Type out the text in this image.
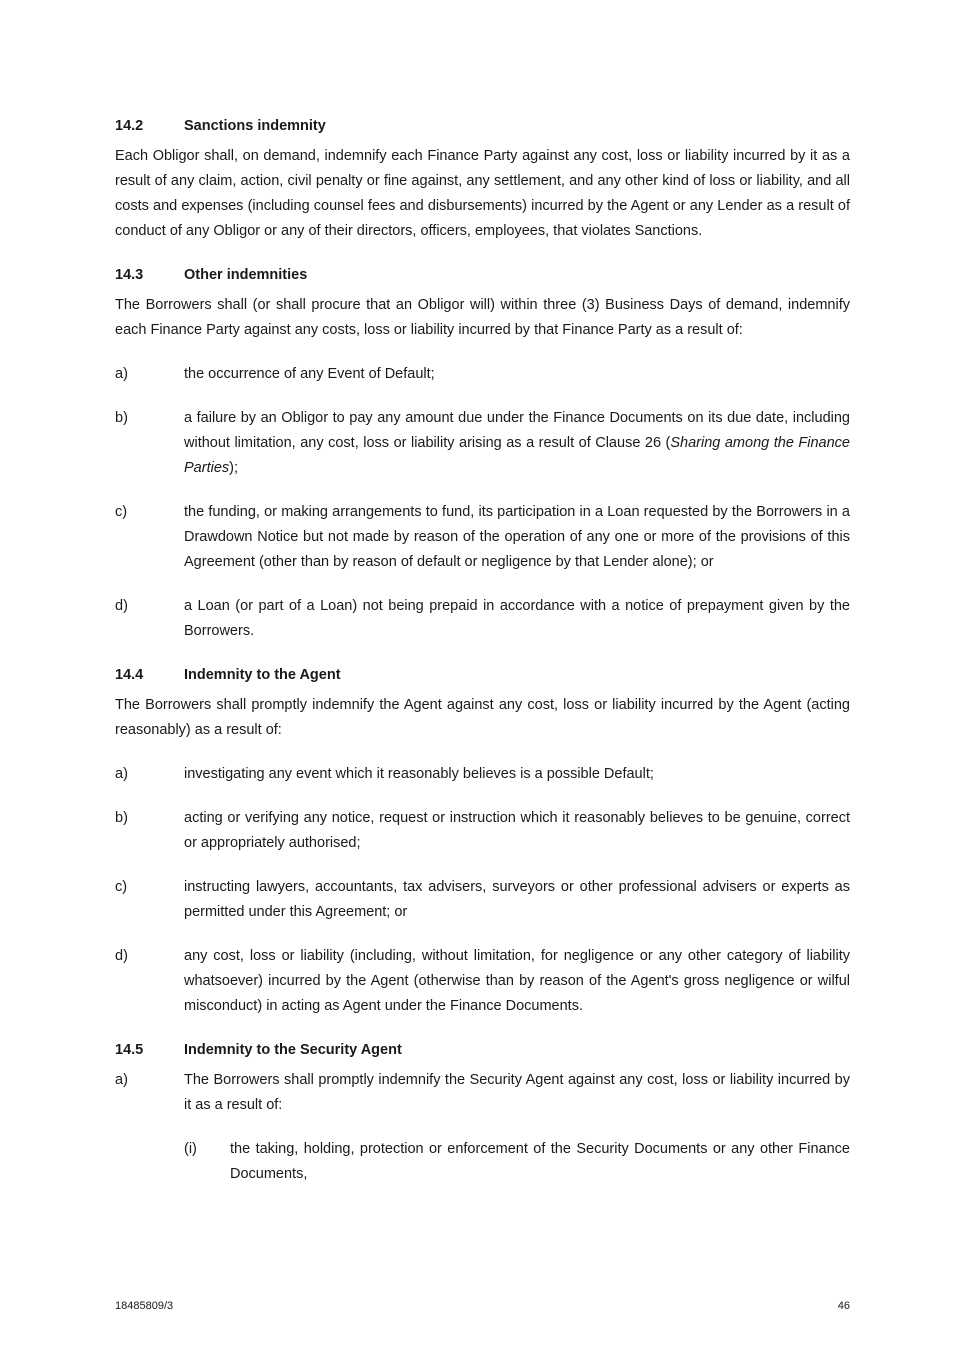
14.2	Sanctions indemnity

Each Obligor shall, on demand, indemnify each Finance Party against any cost, loss or liability incurred by it as a result of any claim, action, civil penalty or fine against, any settlement, and any other kind of loss or liability, and all costs and expenses (including counsel fees and disbursements) incurred by the Agent or any Lender as a result of conduct of any Obligor or any of their directors, officers, employees, that violates Sanctions.

14.3	Other indemnities

The Borrowers shall (or shall procure that an Obligor will) within three (3) Business Days of demand, indemnify each Finance Party against any costs, loss or liability incurred by that Finance Party as a result of:

a)	the occurrence of any Event of Default;
b)	a failure by an Obligor to pay any amount due under the Finance Documents on its due date, including without limitation, any cost, loss or liability arising as a result of Clause 26 (Sharing among the Finance Parties);
c)	the funding, or making arrangements to fund, its participation in a Loan requested by the Borrowers in a Drawdown Notice but not made by reason of the operation of any one or more of the provisions of this Agreement (other than by reason of default or negligence by that Lender alone); or
d)	a Loan (or part of a Loan) not being prepaid in accordance with a notice of prepayment given by the Borrowers.
14.4	Indemnity to the Agent

The Borrowers shall promptly indemnify the Agent against any cost, loss or liability incurred by the Agent (acting reasonably) as a result of:

a)	investigating any event which it reasonably believes is a possible Default;
b)	acting or verifying any notice, request or instruction which it reasonably believes to be genuine, correct or appropriately authorised;
c)	instructing lawyers, accountants, tax advisers, surveyors or other professional advisers or experts as permitted under this Agreement; or
d)	any cost, loss or liability (including, without limitation, for negligence or any other category of liability whatsoever) incurred by the Agent (otherwise than by reason of the Agent's gross negligence or wilful misconduct) in acting as Agent under the Finance Documents.
14.5	Indemnity to the Security Agent
a)	The Borrowers shall promptly indemnify the Security Agent against any cost, loss or liability incurred by it as a result of:
(i)	the taking, holding, protection or enforcement of the Security Documents or any other Finance Documents,
18485809/3	46
